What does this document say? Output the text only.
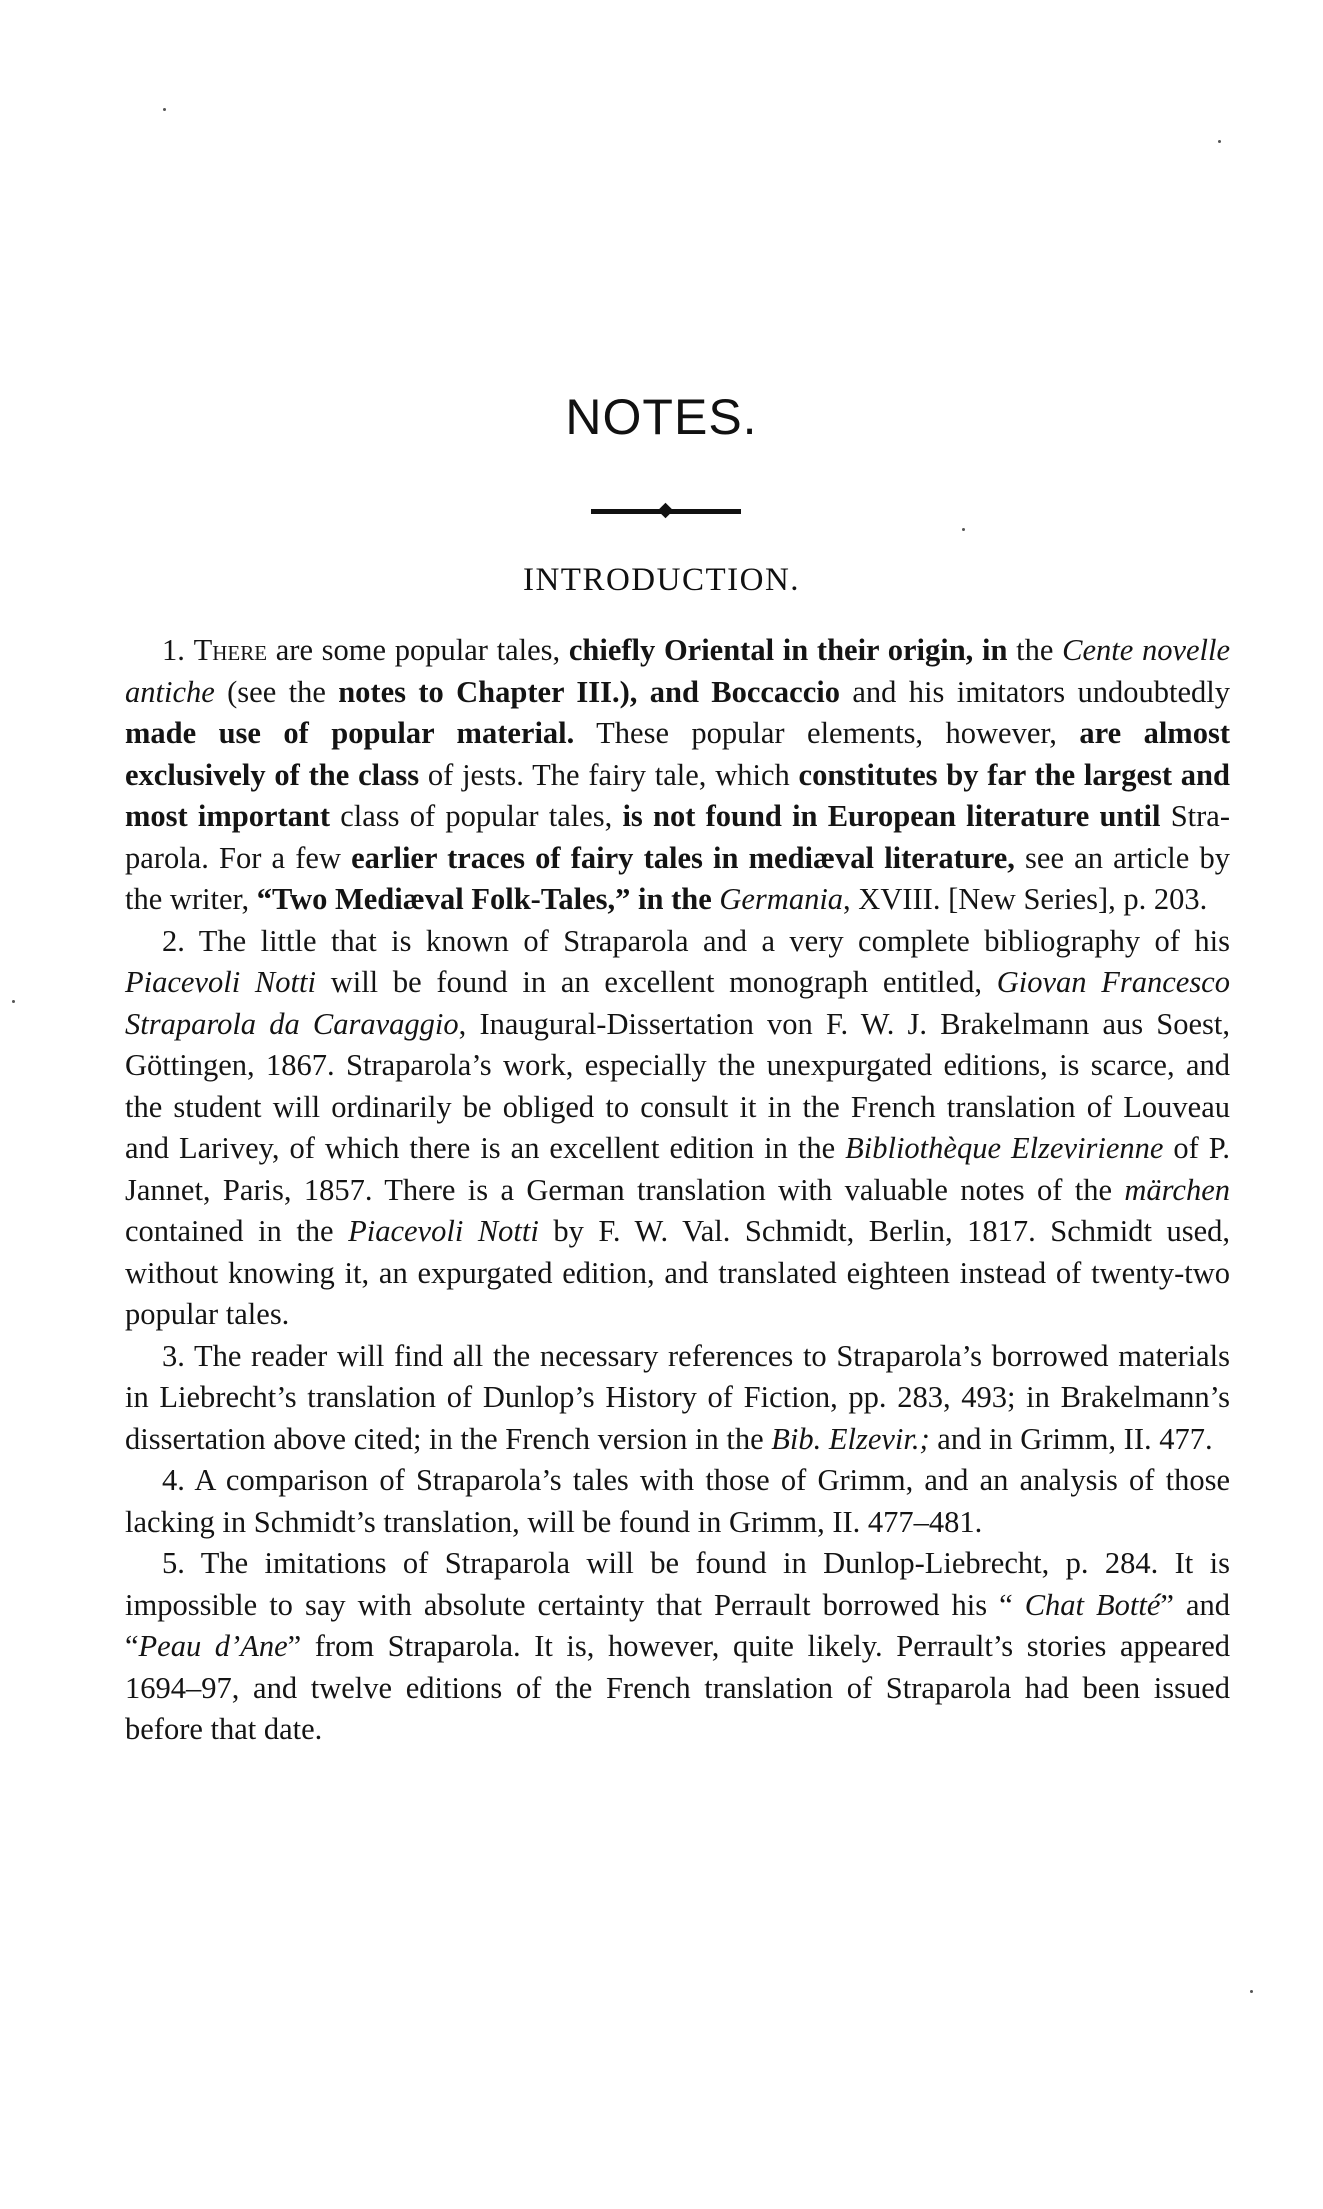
NOTES.
INTRODUCTION.

1. There are some popular tales, chiefly Oriental in their origin, in the Cente novelle antiche (see the notes to Chapter III.), and Boccaccio and his imitators undoubtedly made use of popular material. These popular elements, however, are almost exclusively of the class of jests. The fairy tale, which constitutes by far the largest and most important class of popular tales, is not found in European literature until Straparola. For a few earlier traces of fairy tales in mediæval literature, see an article by the writer, “Two Mediæval Folk-Tales,” in the Germania, XVIII. [New Series], p. 203.

2. The little that is known of Straparola and a very complete bibliography of his Piacevoli Notti will be found in an excellent monograph entitled, Giovan Francesco Straparola da Caravaggio, Inaugural-Dissertation von F. W. J. Brakelmann aus Soest, Göttingen, 1867. Straparola’s work, especially the unexpurgated editions, is scarce, and the student will ordinarily be obliged to consult it in the French translation of Louveau and Larivey, of which there is an excellent edition in the Bibliothèque Elzevirienne of P. Jannet, Paris, 1857. There is a German translation with valuable notes of the märchen contained in the Piacevoli Notti by F. W. Val. Schmidt, Berlin, 1817. Schmidt used, without knowing it, an expurgated edition, and translated eighteen instead of twenty-two popular tales.

3. The reader will find all the necessary references to Straparola’s borrowed materials in Liebrecht’s translation of Dunlop’s History of Fiction, pp. 283, 493; in Brakelmann’s dissertation above cited; in the French version in the Bib. Elzevir.; and in Grimm, II. 477.

4. A comparison of Straparola’s tales with those of Grimm, and an analysis of those lacking in Schmidt’s translation, will be found in Grimm, II. 477–481.

5. The imitations of Straparola will be found in Dunlop-Liebrecht, p. 284. It is impossible to say with absolute certainty that Perrault borrowed his “ Chat Botté” and “Peau d’Ane” from Straparola. It is, however, quite likely. Perrault’s stories appeared 1694–97, and twelve editions of the French translation of Straparola had been issued before that date.
